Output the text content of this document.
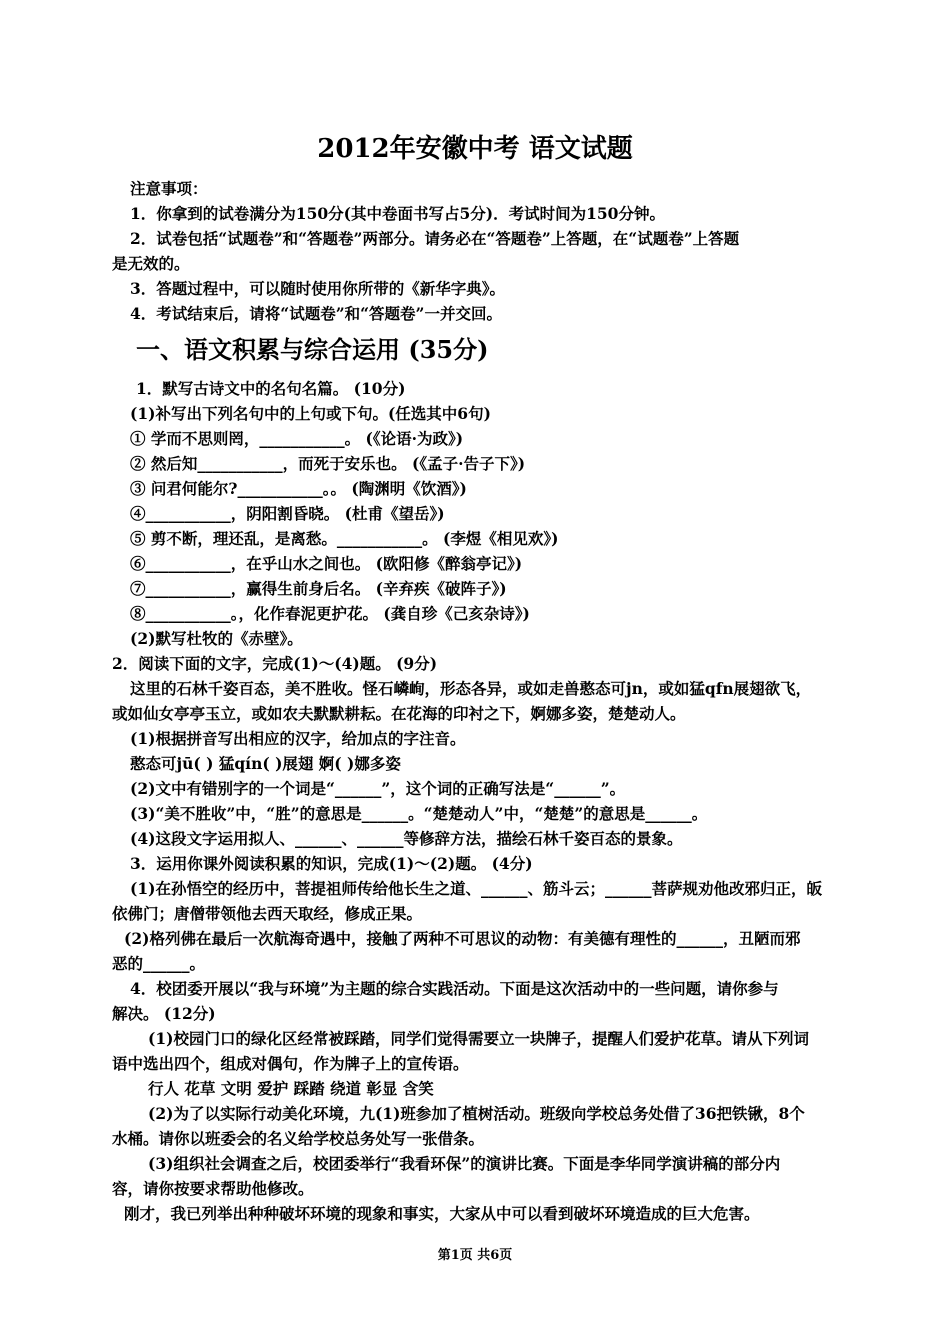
2012年安徽中考 语文试题
注意事项：
1．你拿到的试卷满分为150分(其中卷面书写占5分)．考试时间为150分钟。
2．试卷包括“试题卷”和“答题卷”两部分。请务必在“答题卷”上答题，在“试题卷”上答题
是无效的。
3．答题过程中，可以随时使用你所带的《新华字典》。
4．考试结束后，请将“试题卷”和“答题卷”一并交回。
1．默写古诗文中的名句名篇。 (10分)
(1)补写出下列名句中的上句或下句。(任选其中6句)
① 学而不思则罔，___________。 (《论语·为政》)
② 然后知___________，而死于安乐也。 (《孟子·告子下》)
③ 问君何能尔?___________。。 (陶渊明《饮酒》)
④___________，阴阳割昏晓。 (杜甫《望岳》)
⑤ 剪不断，理还乱，是离愁。___________。 (李煜《相见欢》)
⑥___________，在乎山水之间也。 (欧阳修《醉翁亭记》)
⑦___________，赢得生前身后名。 (辛弃疾《破阵子》)
⑧___________。，化作春泥更护花。 (龚自珍《己亥杂诗》)
(2)默写杜牧的《赤壁》。
2．阅读下面的文字，完成(1)～(4)题。 (9分)
这里的石林千姿百态，美不胜收。怪石嶙峋，形态各异，或如走兽憨态可jn，或如猛qfn展翅欲飞，
或如仙女亭亭玉立，或如农夫默默耕耘。在花海的印衬之下，婀娜多姿，楚楚动人。
(1)根据拼音写出相应的汉字，给加点的字注音。
憨态可jū( ) 猛qín( )展翅 婀( )娜多姿
(2)文中有错别字的一个词是“______”，这个词的正确写法是“______”。
(3)“美不胜收”中，“胜”的意思是______。“楚楚动人”中，“楚楚”的意思是______。
(4)这段文字运用拟人、______、______等修辞方法，描绘石林千姿百态的景象。
3．运用你课外阅读积累的知识，完成(1)～(2)题。 (4分)
(1)在孙悟空的经历中，菩提祖师传给他长生之道、______、筋斗云；______菩萨规劝他改邪归正，皈
依佛门；唐僧带领他去西天取经，修成正果。
(2)格列佛在最后一次航海奇遇中，接触了两种不可思议的动物：有美德有理性的______，丑陋而邪
恶的______。
4．校团委开展以“我与环境”为主题的综合实践活动。下面是这次活动中的一些问题，请你参与
解决。 (12分)
(1)校园门口的绿化区经常被踩踏，同学们觉得需要立一块牌子，提醒人们爱护花草。请从下列词
语中选出四个，组成对偶句，作为牌子上的宣传语。
行人 花草 文明 爱护 踩踏 绕道 彰显 含笑
(2)为了以实际行动美化环境，九(1)班参加了植树活动。班级向学校总务处借了36把铁锹，8个
水桶。请你以班委会的名义给学校总务处写一张借条。
(3)组织社会调查之后，校团委举行“我看环保”的演讲比赛。下面是李华同学演讲稿的部分内
容，请你按要求帮助他修改。
刚才，我已列举出种种破坏环境的现象和事实，大家从中可以看到破坏环境造成的巨大危害。
一、语文积累与综合运用 (35分)
第1页 共6页
